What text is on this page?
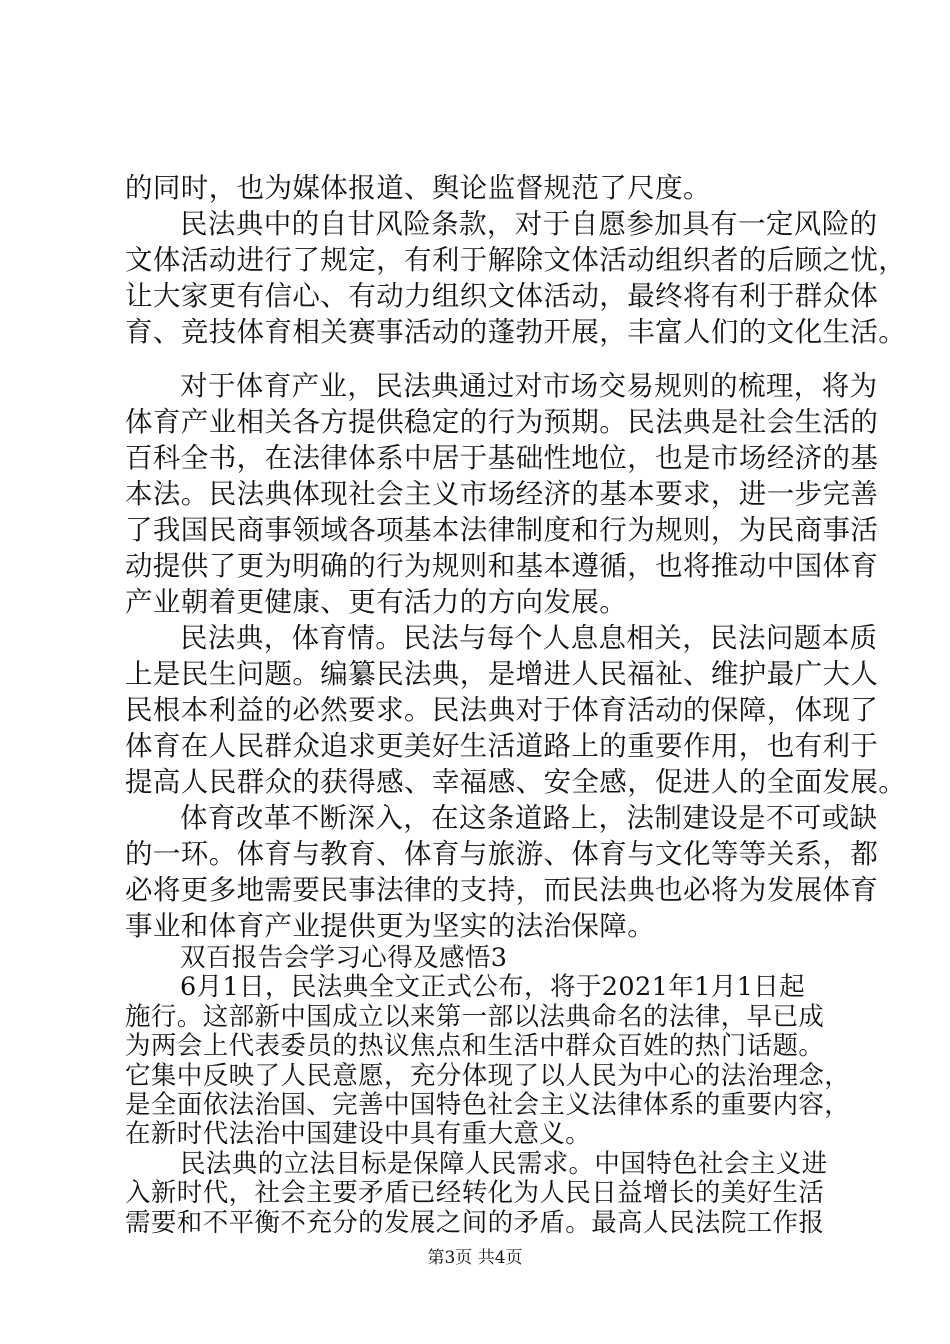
的同时，也为媒体报道、舆论监督规范了尺度。
民法典中的自甘风险条款，对于自愿参加具有一定风险的
文体活动进行了规定，有利于解除文体活动组织者的后顾之忧，
让大家更有信心、有动力组织文体活动，最终将有利于群众体
育、竞技体育相关赛事活动的蓬勃开展，丰富人们的文化生活。
对于体育产业，民法典通过对市场交易规则的梳理，将为
体育产业相关各方提供稳定的行为预期。民法典是社会生活的
百科全书，在法律体系中居于基础性地位，也是市场经济的基
本法。民法典体现社会主义市场经济的基本要求，进一步完善
了我国民商事领域各项基本法律制度和行为规则，为民商事活
动提供了更为明确的行为规则和基本遵循，也将推动中国体育
产业朝着更健康、更有活力的方向发展。
民法典，体育情。民法与每个人息息相关，民法问题本质
上是民生问题。编纂民法典，是增进人民福祉、维护最广大人
民根本利益的必然要求。民法典对于体育活动的保障，体现了
体育在人民群众追求更美好生活道路上的重要作用，也有利于
提高人民群众的获得感、幸福感、安全感，促进人的全面发展。
体育改革不断深入，在这条道路上，法制建设是不可或缺
的一环。体育与教育、体育与旅游、体育与文化等等关系，都
必将更多地需要民事法律的支持，而民法典也必将为发展体育
事业和体育产业提供更为坚实的法治保障。
双百报告会学习心得及感悟3
6月1日，民法典全文正式公布，将于2021年1月1日起
施行。这部新中国成立以来第一部以法典命名的法律，早已成
为两会上代表委员的热议焦点和生活中群众百姓的热门话题。
它集中反映了人民意愿，充分体现了以人民为中心的法治理念，
是全面依法治国、完善中国特色社会主义法律体系的重要内容，
在新时代法治中国建设中具有重大意义。
民法典的立法目标是保障人民需求。中国特色社会主义进
入新时代，社会主要矛盾已经转化为人民日益增长的美好生活
需要和不平衡不充分的发展之间的矛盾。最高人民法院工作报
第3页 共4页
